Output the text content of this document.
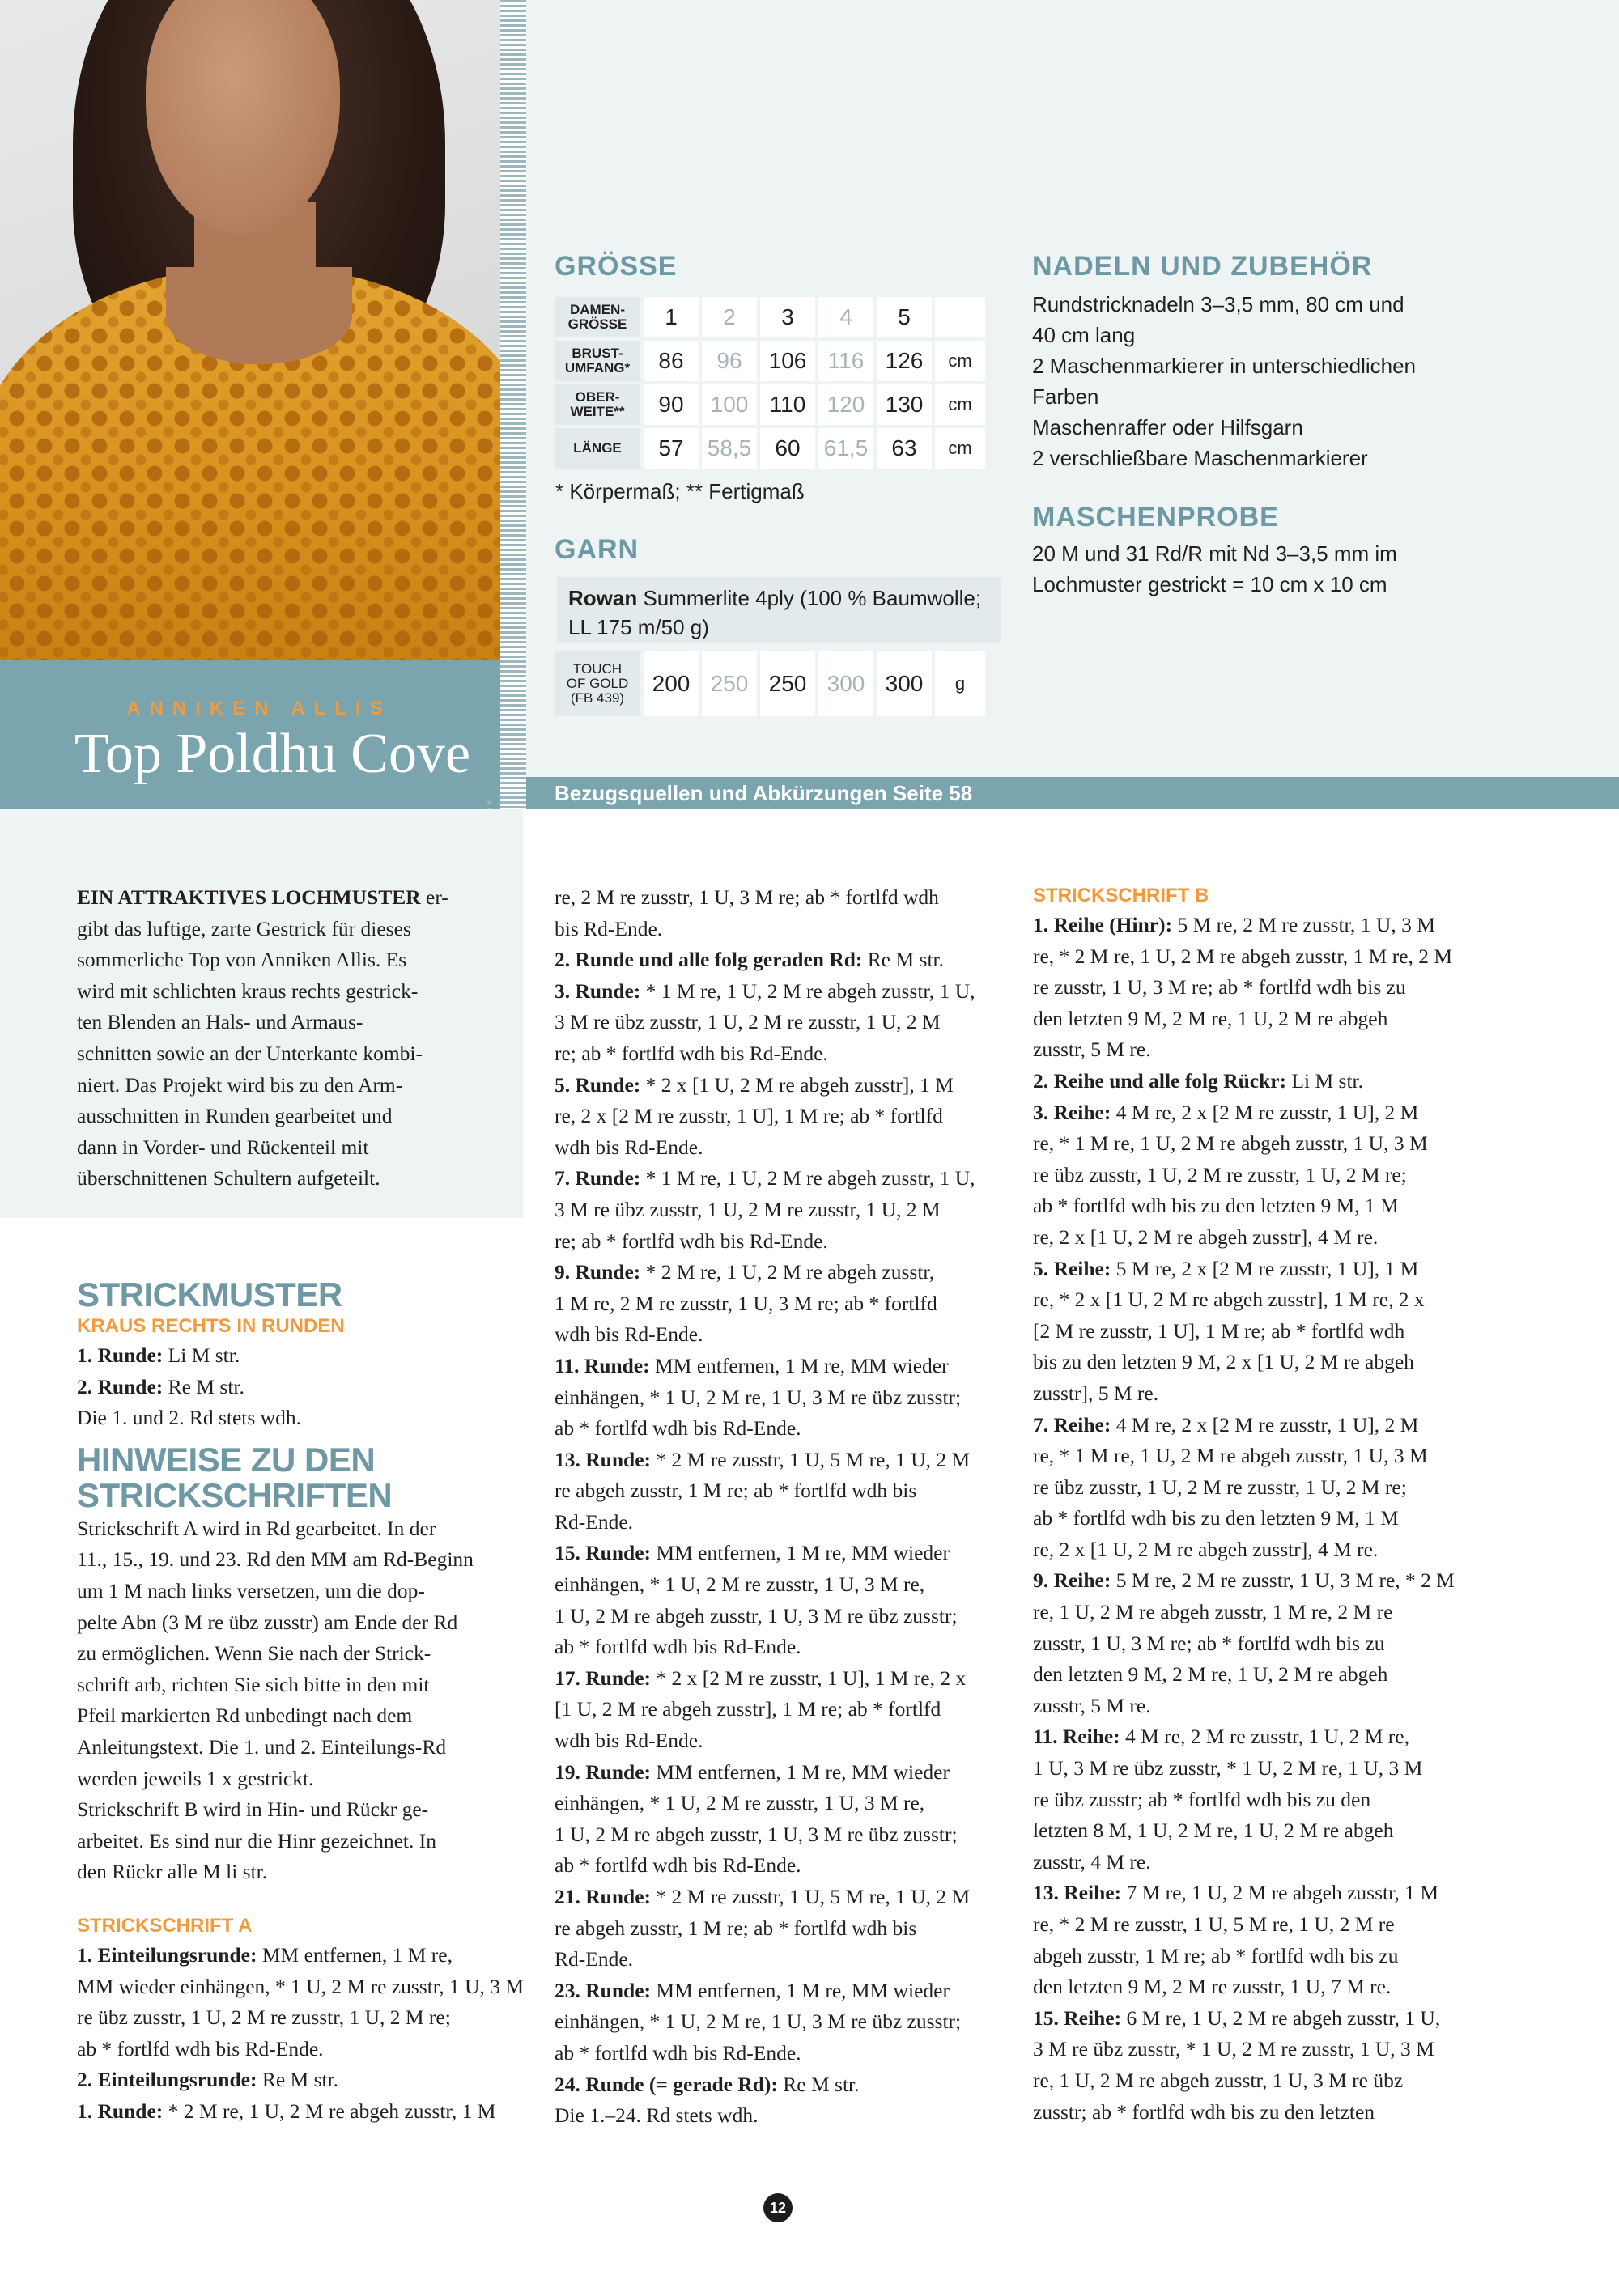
ANNIKEN ALLIS
Top Poldhu Cove
Bezugsquellen und Abkürzungen Seite 58
GRÖSSE
DAMEN-
GRÖSSE	1	2	3	4	5	
BRUST-
UMFANG*	86	96	106	116	126	cm
OBER-
WEITE**	90	100	110	120	130	cm
LÄNGE	57	58,5	60	61,5	63	cm
* Körpermaß; ** Fertigmaß
GARN
Rowan Summerlite 4ply (100 % Baumwolle; LL 175 m/50 g)
TOUCH
OF GOLD
(FB 439)	200	250	250	300	300	g
NADELN UND ZUBEHÖR
Rundstricknadeln 3–3,5 mm, 80 cm und
40 cm lang
2 Maschenmarkierer in unterschiedlichen
Farben
Maschenraffer oder Hilfsgarn
2 verschließbare Maschenmarkierer
MASCHENPROBE
20 M und 31 Rd/R mit Nd 3–3,5 mm im
Lochmuster gestrickt = 10 cm x 10 cm

EIN ATTRAKTIVES LOCHMUSTER er-

gibt das luftige, zarte Gestrick für dieses

sommerliche Top von Anniken Allis. Es

wird mit schlichten kraus rechts gestrick-

ten Blenden an Hals- und Armaus-

schnitten sowie an der Unterkante kombi-

niert. Das Projekt wird bis zu den Arm-

ausschnitten in Runden gearbeitet und

dann in Vorder- und Rückenteil mit

überschnittenen Schultern aufgeteilt.

STRICKMUSTER

KRAUS RECHTS IN RUNDEN

1. Runde: Li M str.

2. Runde: Re M str.

Die 1. und 2. Rd stets wdh.

HINWEISE ZU DEN STRICKSCHRIFTEN

Strickschrift A wird in Rd gearbeitet. In der

11., 15., 19. und 23. Rd den MM am Rd-Beginn

um 1 M nach links versetzen, um die dop-

pelte Abn (3 M re übz zusstr) am Ende der Rd

zu ermöglichen. Wenn Sie nach der Strick-

schrift arb, richten Sie sich bitte in den mit

Pfeil markierten Rd unbedingt nach dem

Anleitungstext. Die 1. und 2. Einteilungs-Rd

werden jeweils 1 x gestrickt.

Strickschrift B wird in Hin- und Rückr ge-

arbeitet. Es sind nur die Hinr gezeichnet. In

den Rückr alle M li str.

STRICKSCHRIFT A

1. Einteilungsrunde: MM entfernen, 1 M re,

MM wieder einhängen, * 1 U, 2 M re zusstr, 1 U, 3 M

re übz zusstr, 1 U, 2 M re zusstr, 1 U, 2 M re;

ab * fortlfd wdh bis Rd-Ende.

2. Einteilungsrunde: Re M str.

1. Runde: * 2 M re, 1 U, 2 M re abgeh zusstr, 1 M

re, 2 M re zusstr, 1 U, 3 M re; ab * fortlfd wdh

bis Rd-Ende.

2. Runde und alle folg geraden Rd: Re M str.

3. Runde: * 1 M re, 1 U, 2 M re abgeh zusstr, 1 U,

3 M re übz zusstr, 1 U, 2 M re zusstr, 1 U, 2 M

re; ab * fortlfd wdh bis Rd-Ende.

5. Runde: * 2 x [1 U, 2 M re abgeh zusstr], 1 M

re, 2 x [2 M re zusstr, 1 U], 1 M re; ab * fortlfd

wdh bis Rd-Ende.

7. Runde: * 1 M re, 1 U, 2 M re abgeh zusstr, 1 U,

3 M re übz zusstr, 1 U, 2 M re zusstr, 1 U, 2 M

re; ab * fortlfd wdh bis Rd-Ende.

9. Runde: * 2 M re, 1 U, 2 M re abgeh zusstr,

1 M re, 2 M re zusstr, 1 U, 3 M re; ab * fortlfd

wdh bis Rd-Ende.

11. Runde: MM entfernen, 1 M re, MM wieder

einhängen, * 1 U, 2 M re, 1 U, 3 M re übz zusstr;

ab * fortlfd wdh bis Rd-Ende.

13. Runde: * 2 M re zusstr, 1 U, 5 M re, 1 U, 2 M

re abgeh zusstr, 1 M re; ab * fortlfd wdh bis

Rd-Ende.

15. Runde: MM entfernen, 1 M re, MM wieder

einhängen, * 1 U, 2 M re zusstr, 1 U, 3 M re,

1 U, 2 M re abgeh zusstr, 1 U, 3 M re übz zusstr;

ab * fortlfd wdh bis Rd-Ende.

17. Runde: * 2 x [2 M re zusstr, 1 U], 1 M re, 2 x

[1 U, 2 M re abgeh zusstr], 1 M re; ab * fortlfd

wdh bis Rd-Ende.

19. Runde: MM entfernen, 1 M re, MM wieder

einhängen, * 1 U, 2 M re zusstr, 1 U, 3 M re,

1 U, 2 M re abgeh zusstr, 1 U, 3 M re übz zusstr;

ab * fortlfd wdh bis Rd-Ende.

21. Runde: * 2 M re zusstr, 1 U, 5 M re, 1 U, 2 M

re abgeh zusstr, 1 M re; ab * fortlfd wdh bis

Rd-Ende.

23. Runde: MM entfernen, 1 M re, MM wieder

einhängen, * 1 U, 2 M re, 1 U, 3 M re übz zusstr;

ab * fortlfd wdh bis Rd-Ende.

24. Runde (= gerade Rd): Re M str.

Die 1.–24. Rd stets wdh.

STRICKSCHRIFT B

1. Reihe (Hinr): 5 M re, 2 M re zusstr, 1 U, 3 M

re, * 2 M re, 1 U, 2 M re abgeh zusstr, 1 M re, 2 M

re zusstr, 1 U, 3 M re; ab * fortlfd wdh bis zu

den letzten 9 M, 2 M re, 1 U, 2 M re abgeh

zusstr, 5 M re.

2. Reihe und alle folg Rückr: Li M str.

3. Reihe: 4 M re, 2 x [2 M re zusstr, 1 U], 2 M

re, * 1 M re, 1 U, 2 M re abgeh zusstr, 1 U, 3 M

re übz zusstr, 1 U, 2 M re zusstr, 1 U, 2 M re;

ab * fortlfd wdh bis zu den letzten 9 M, 1 M

re, 2 x [1 U, 2 M re abgeh zusstr], 4 M re.

5. Reihe: 5 M re, 2 x [2 M re zusstr, 1 U], 1 M

re, * 2 x [1 U, 2 M re abgeh zusstr], 1 M re, 2 x

[2 M re zusstr, 1 U], 1 M re; ab * fortlfd wdh

bis zu den letzten 9 M, 2 x [1 U, 2 M re abgeh

zusstr], 5 M re.

7. Reihe: 4 M re, 2 x [2 M re zusstr, 1 U], 2 M

re, * 1 M re, 1 U, 2 M re abgeh zusstr, 1 U, 3 M

re übz zusstr, 1 U, 2 M re zusstr, 1 U, 2 M re;

ab * fortlfd wdh bis zu den letzten 9 M, 1 M

re, 2 x [1 U, 2 M re abgeh zusstr], 4 M re.

9. Reihe: 5 M re, 2 M re zusstr, 1 U, 3 M re, * 2 M

re, 1 U, 2 M re abgeh zusstr, 1 M re, 2 M re

zusstr, 1 U, 3 M re; ab * fortlfd wdh bis zu

den letzten 9 M, 2 M re, 1 U, 2 M re abgeh

zusstr, 5 M re.

11. Reihe: 4 M re, 2 M re zusstr, 1 U, 2 M re,

1 U, 3 M re übz zusstr, * 1 U, 2 M re, 1 U, 3 M

re übz zusstr; ab * fortlfd wdh bis zu den

letzten 8 M, 1 U, 2 M re, 1 U, 2 M re abgeh

zusstr, 4 M re.

13. Reihe: 7 M re, 1 U, 2 M re abgeh zusstr, 1 M

re, * 2 M re zusstr, 1 U, 5 M re, 1 U, 2 M re

abgeh zusstr, 1 M re; ab * fortlfd wdh bis zu

den letzten 9 M, 2 M re zusstr, 1 U, 7 M re.

15. Reihe: 6 M re, 1 U, 2 M re abgeh zusstr, 1 U,

3 M re übz zusstr, * 1 U, 2 M re zusstr, 1 U, 3 M

re, 1 U, 2 M re abgeh zusstr, 1 U, 3 M re übz

zusstr; ab * fortlfd wdh bis zu den letzten

12
